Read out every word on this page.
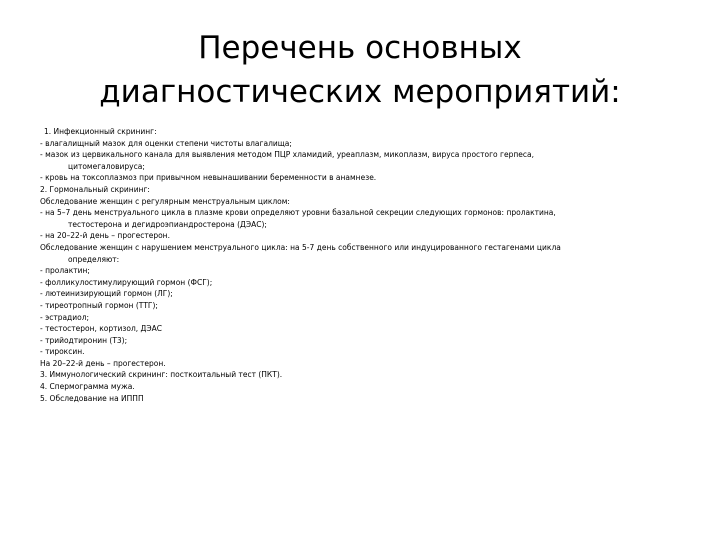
Перечень основных
диагностических мероприятий:
1. Инфекционный скрининг:
- влагалищный мазок для оценки степени чистоты влагалища;
- мазок из цервикального канала для выявления методом ПЦР хламидий, уреаплазм, микоплазм, вируса простого герпеса,
цитомегаловируса;
- кровь на токсоплазмоз при привычном невынашивании беременности в анамнезе.
2. Гормональный скрининг:
Обследование женщин с регулярным менструальным циклом:
- на 5–7 день менструального цикла в плазме крови определяют уровни базальной секреции следующих гормонов: пролактина,
тестостерона и дегидроэпиандростерона (ДЭАС);
- на 20–22-й день – прогестерон.
Обследование женщин с нарушением менструального цикла: на 5-7 день собственного или индуцированного гестагенами цикла
определяют:
- пролактин;
- фолликулостимулирующий гормон (ФСГ);
- лютеинизирующий гормон (ЛГ);
- тиреотропный гормон (ТТГ);
- эстрадиол;
- тестостерон, кортизол, ДЭАС
- трийодтиронин (Т3);
- тироксин.
На 20–22-й день – прогестерон.
3. Иммунологический скрининг: посткоитальный тест (ПКТ).
4. Спермограмма мужа.
5. Обследование на ИППП
